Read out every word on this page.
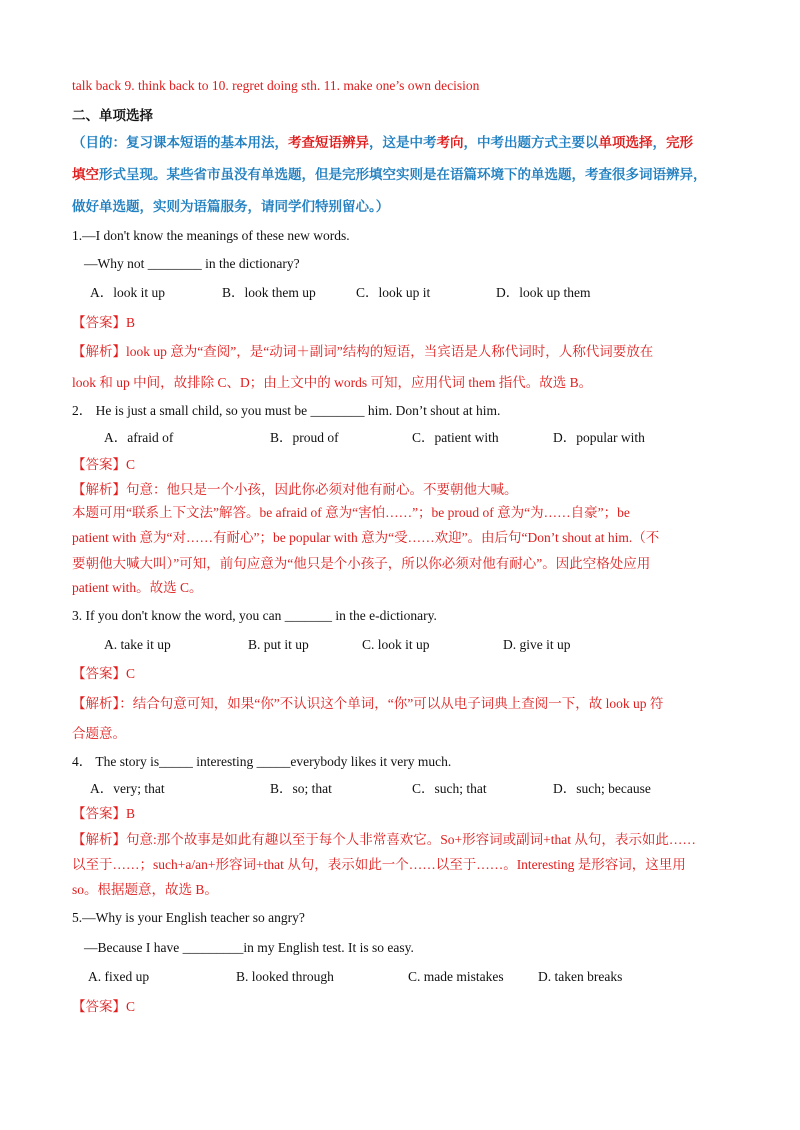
talk back 9. think back to 10. regret doing sth. 11. make one’s own decision
二、单项选择
（目的：复习课本短语的基本用法，考查短语辨异，这是中考考向，中考出题方式主要以单项选择，完形
填空形式呈现。某些省市虽没有单选题，但是完形填空实则是在语篇环境下的单选题，考查很多词语辨异，
做好单选题，实则为语篇服务，请同学们特别留心。）
1.—I don't know the meanings of these new words.
—Why not ________ in the dictionary?
A．look it up	B．look them up	C．look up it	D．look up them
【答案】B
【解析】look up 意为“查阅”，是“动词＋副词”结构的短语，当宾语是人称代词时，人称代词要放在
look 和 up 中间，故排除 C、D；由上文中的 words 可知，应用代词 them 指代。故选 B。
2． He is just a small child, so you must be ________ him. Don’t shout at him.
A．afraid of	B．proud of	C．patient with	D．popular with
【答案】C
【解析】句意：他只是一个小孩，因此你必须对他有耐心。不要朝他大喊。
本题可用“联系上下文法”解答。be afraid of 意为“害怕……”；be proud of 意为“为……自豪”；be
patient with 意为“对……有耐心”；be popular with 意为“受……欢迎”。由后句“Don’t shout at him.（不
要朝他大喊大叫）”可知，前句应意为“他只是个小孩子，所以你必须对他有耐心”。因此空格处应用
patient with。故选 C。
3. If you don't know the word, you can _______ in the e-dictionary.
A. take it up	B. put it up	C. look it up	D. give it up
【答案】C
【解析】：结合句意可知，如果“你”不认识这个单词，“你”可以从电子词典上查阅一下，故 look up 符
合题意。
4． The story is_____ interesting _____everybody likes it very much.
A．very; that	B．so; that	C．such; that	D．such; because
【答案】B
【解析】句意:那个故事是如此有趣以至于每个人非常喜欢它。So+形容词或副词+that 从句，表示如此……
以至于……；such+a/an+形容词+that 从句，表示如此一个……以至于……。Interesting 是形容词，这里用
so。根据题意，故选 B。
5.—Why is your English teacher so angry?
—Because I have _________in my English test. It is so easy.
A. fixed up	B. looked through	C. made mistakes	D. taken breaks
【答案】C
